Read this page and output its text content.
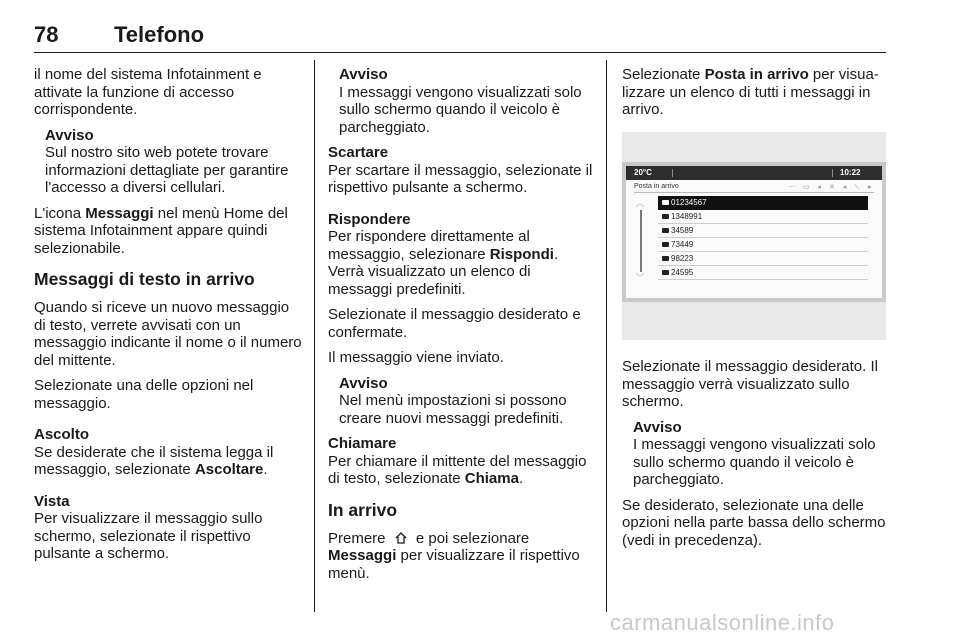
78	Telefono

il nome del sistema Infotainment e attivate la funzione di accesso corrispondente.

Avviso
Sul nostro sito web potete trovare informazioni dettagliate per garantire l'accesso a diversi cellulari.

L'icona Messaggi nel menù Home del sistema Infotainment appare quindi selezionabile.

Messaggi di testo in arrivo

Quando si riceve un nuovo messaggio di testo, verrete avvisati con un messaggio indicante il nome o il numero del mittente.

Selezionate una delle opzioni nel messaggio.

Ascolto

Se desiderate che il sistema legga il messaggio, selezionate Ascoltare.

Vista

Per visualizzare il messaggio sullo schermo, selezionate il rispettivo pulsante a schermo.

Avviso
I messaggi vengono visualizzati solo sullo schermo quando il veicolo è parcheggiato.
Scartare

Per scartare il messaggio, selezionate il rispettivo pulsante a schermo.

Rispondere

Per rispondere direttamente al messaggio, selezionare Rispondi. Verrà visualizzato un elenco di messaggi predefiniti.

Selezionate il messaggio desiderato e confermate.

Il messaggio viene inviato.

Avviso
Nel menù impostazioni si possono creare nuovi messaggi predefiniti.
Chiamare

Per chiamare il mittente del messaggio di testo, selezionate Chiama.

In arrivo

Premere  e poi selezionare
Messaggi per visualizzare il rispettivo menù.

Selezionate Posta in arrivo per visualizzare un elenco di tutti i messaggi in arrivo.

20°C	10:22
Posta in arrivo	⋯ ▭ ◂ ✕ ◂ ⟍ ●
︿
﹀
01234567
1348991
34589
73449
98223
24595

Selezionate il messaggio desiderato. Il messaggio verrà visualizzato sullo schermo.

Avviso
I messaggi vengono visualizzati solo sullo schermo quando il veicolo è parcheggiato.

Se desiderato, selezionate una delle opzioni nella parte bassa dello schermo (vedi in precedenza).

carmanualsonline.info
